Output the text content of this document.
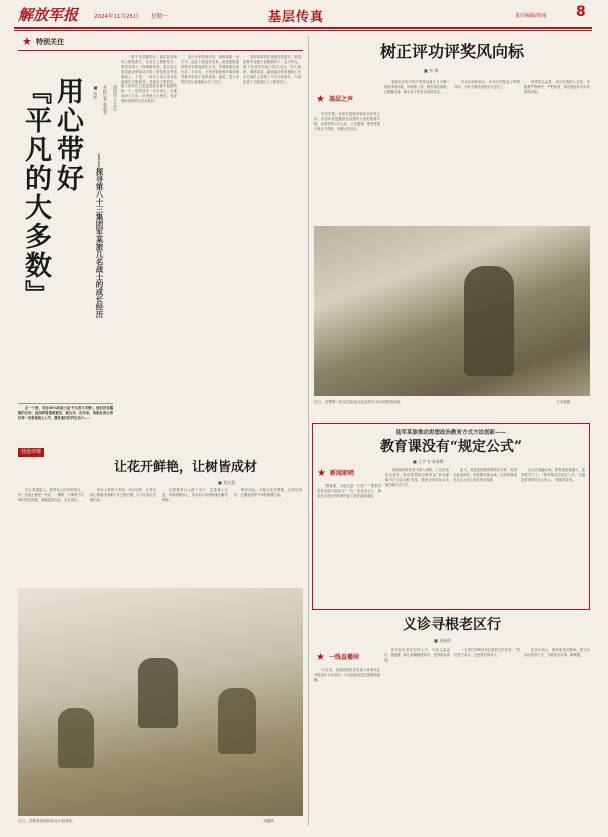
解放军报	2024年11月25日 星期一	基层传真	责任编辑/胡南 8
★ 特别关注
用心带好
『平凡的大多数』	——探寻第八十三集团军某旅几名战士的成长经历
■ 刘冲	本报记者 鲁赵秀	通讯员 王志远

在一个营，有近80%的战士是'平凡的大多数'。他们没有耀眼的光环，但同样渴望被看见、被认可。近年来，某旅从用心带好每一名普通战士入手，激发他们的内生动力……

一群平凡普通的兵，他们在训练场上摸爬滚打，在岗位上默默坚守。旅领导深入一线调研发现，真正能让基层建设保持活力的，恰恰是这些普通战士。于是，一场关于用心带兵的探索在全旅展开。老班长王刚回忆，刚入伍时自己也是连队里最不起眼的那一个，是指导员一次次谈心，让他找到了方向。后来他当上班长，也学着用同样的方式去带兵。

战士小李性格内向，训练成绩一直平平。连队干部没有放弃，而是根据他的特点安排他担任文书，并鼓励他参加比武。半年后，小李在旅里的军事训练考核中取得了优异成绩。他说，是大家的信任让他重新认识了自己。

类似的故事在该旅还有很多。旅党委要求各级干部眼睛向下、心中有兵，善于发现每名战士的闪光点，因人施策、精准帮带。越来越多的普通战士在平凡岗位上实现了不平凡的成长，为部队战斗力建设注入了强劲动力。

营连评弹
让花开鲜艳，让树皆成材
■ 刘文强

关心普通战士，是带兵人应有的担当。每一名战士都是一朵花、一棵树，只要给予足够的阳光雨露，都能绽放光彩、茁壮成长。

带兵人要善于发现、用心培养，让每名战士都能找到属于自己的位置，让平凡岗位也能出彩。

这需要带兵人俯下身子，走进战士心里，用真情换真心，用实际行动帮助他们解决困难。

唯有如此，才能让花开鲜艳，让树皆成材，汇聚起强军兴军的磅礴力量。

近日，武警某部组织新兵开展训练。	邓鑫摄
树正评功评奖风向标
■ 李 敏
★ 基层之声

年终岁尾，各单位陆续开展评功评奖工作。评功评奖是激励官兵建功立业的重要手段，必须坚持公平公正、公开透明，把荣誉授予真正干得好、贡献大的官兵。

某部在评功评奖中坚持以战斗力为唯一的根本的标准，向训练一线、艰苦岗位倾斜，让默默无闻、埋头苦干的官兵得到肯定。

官兵们纷纷表示，评功评奖树起了鲜明导向，大家干事创业的劲头更足了。

荣誉的含金量，来自评选的公正性。各级要严格程序、严把标准，真正树起评功评奖的风向标。

近日，武警第二机动总队某支队组织官兵开展特战训练。	王宇威摄
陆军某旅推动思想政治教育方式方法创新——
教育课没有“规定公式”
■ 王宇飞 宋冰峰
★ 新闻前哨

“教育课，为啥总是一个样？”“课堂内容官兵能不能参与？”在一次座谈会上，基层官兵提出的问题引起了旅党委的重视。

该旅组织教育骨干深入调研，广泛听取官兵意见，推动思想政治教育由“单向灌输”向“互动交流”转变，鼓励各单位结合实际创新方式方法。

如今，各营连的教育课形式多样：有的走进训练场，有的搬到演兵场，还有的邀请官兵走上讲台讲述身边故事。

官兵们普遍反映，教育课更接地气、更有吸引力了。“教育课没有规定公式，关键是要讲到官兵心坎上。”该旅领导说。

义诊寻根老区行
■ 刘禄祥
★ 一线直播间

11月初，某部组织医疗队深入革命老区开展巡诊义诊活动，为当地群众送去健康和温暖。

医疗队在老区走村入户，为老人量血压、测血糖，耐心讲解健康知识，受到群众欢迎。

一位老红军的后代拉着医生的手说：“你们是子弟兵，也是我们的亲人。”

队员们表示，要传承老区精神，把义诊活动坚持下去，为群众办实事、解难题。
